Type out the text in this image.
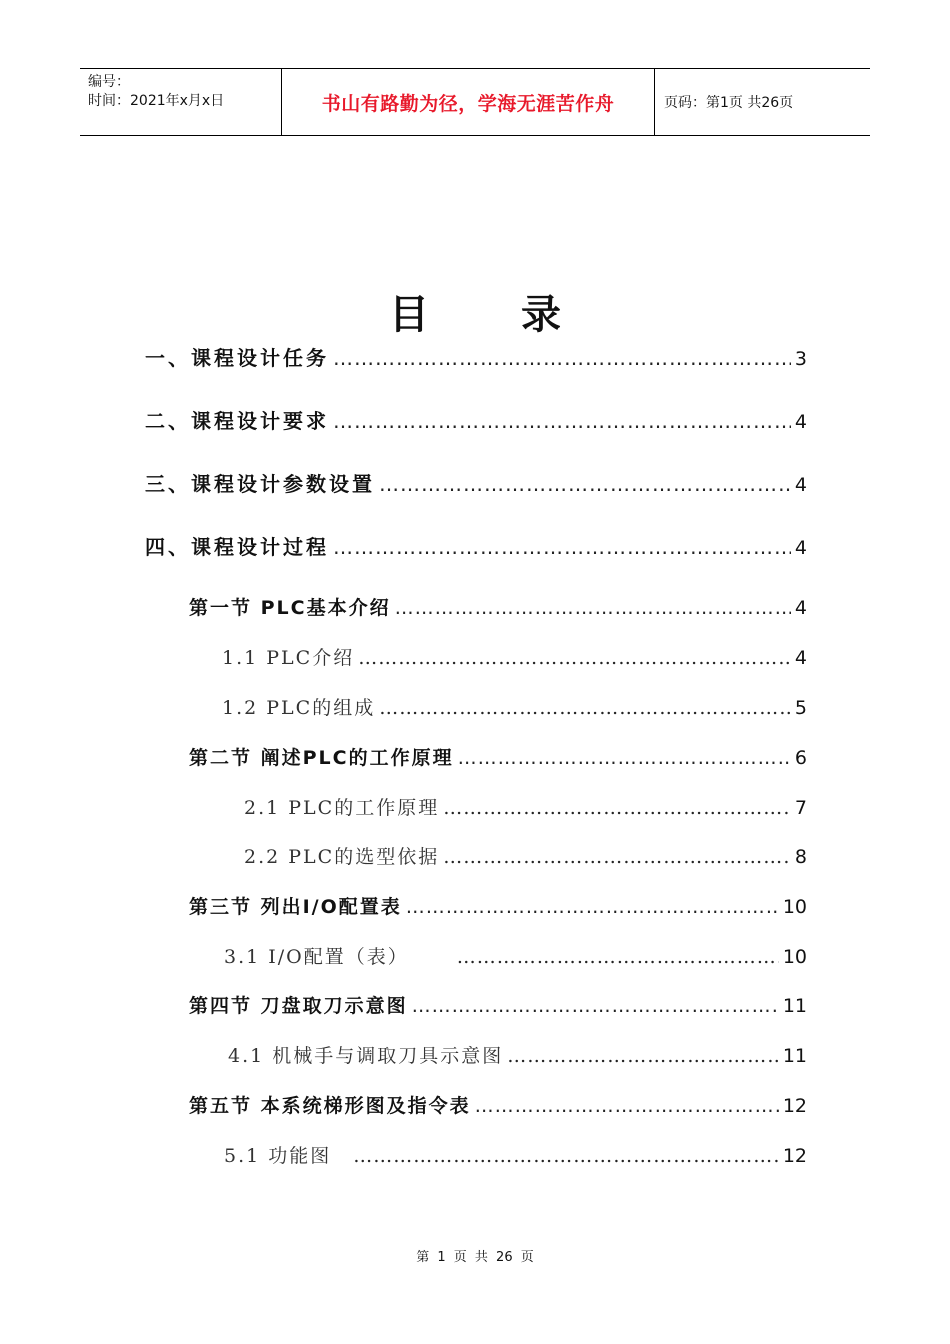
编号：
时间：2021年x月x日	书山有路勤为径，学海无涯苦作舟	页码：第1页 共26页
目录
一、课程设计任务 …………………………………………………………………………………………………………………………………………………………………………	3
二、课程设计要求 …………………………………………………………………………………………………………………………………………………………………………	4
三、课程设计参数设置 …………………………………………………………………………………………………………………………………………………………………………	4
四、课程设计过程 …………………………………………………………………………………………………………………………………………………………………………	4
第一节 PLC基本介绍 …………………………………………………………………………………………………………………………………………………………………………	4
1.1 PLC介绍 …………………………………………………………………………………………………………………………………………………………………………	4
1.2 PLC的组成 …………………………………………………………………………………………………………………………………………………………………………	5
第二节 阐述PLC的工作原理 …………………………………………………………………………………………………………………………………………………………………………	6
2.1 PLC的工作原理 …………………………………………………………………………………………………………………………………………………………………………	7
2.2 PLC的选型依据 …………………………………………………………………………………………………………………………………………………………………………	8
第三节 列出I/O配置表 …………………………………………………………………………………………………………………………………………………………………………	10
3.1 I/O配置（表） …………………………………………………………………………………………………………………………………………………………………………	10
第四节 刀盘取刀示意图 …………………………………………………………………………………………………………………………………………………………………………	11
4.1 机械手与调取刀具示意图 …………………………………………………………………………………………………………………………………………………………………………	11
第五节 本系统梯形图及指令表 …………………………………………………………………………………………………………………………………………………………………………	12
5.1 功能图 …………………………………………………………………………………………………………………………………………………………………………	12
第 1 页 共 26 页
